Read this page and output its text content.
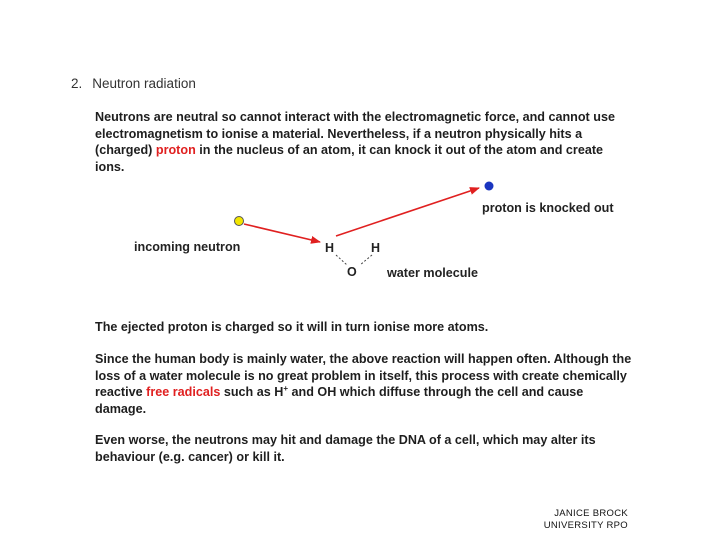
2. Neutron radiation

Neutrons are neutral so cannot interact with the electromagnetic force, and cannot use electromagnetism to ionise a material. Nevertheless, if a neutron physically hits a (charged) proton in the nucleus of an atom, it can knock it out of the atom and create ions.

H	H
O
incoming neutron
proton is knocked out
water molecule

The ejected proton is charged so it will in turn ionise more atoms.

Since the human body is mainly water, the above reaction will happen often. Although the loss of a water molecule is no great problem in itself, this process with create chemically reactive free radicals such as H+ and OH which diffuse through the cell and cause damage.

Even worse, the neutrons may hit and damage the DNA of a cell, which may alter its behaviour (e.g. cancer) or kill it.

JANICE BROCK
UNIVERSITY RPO
